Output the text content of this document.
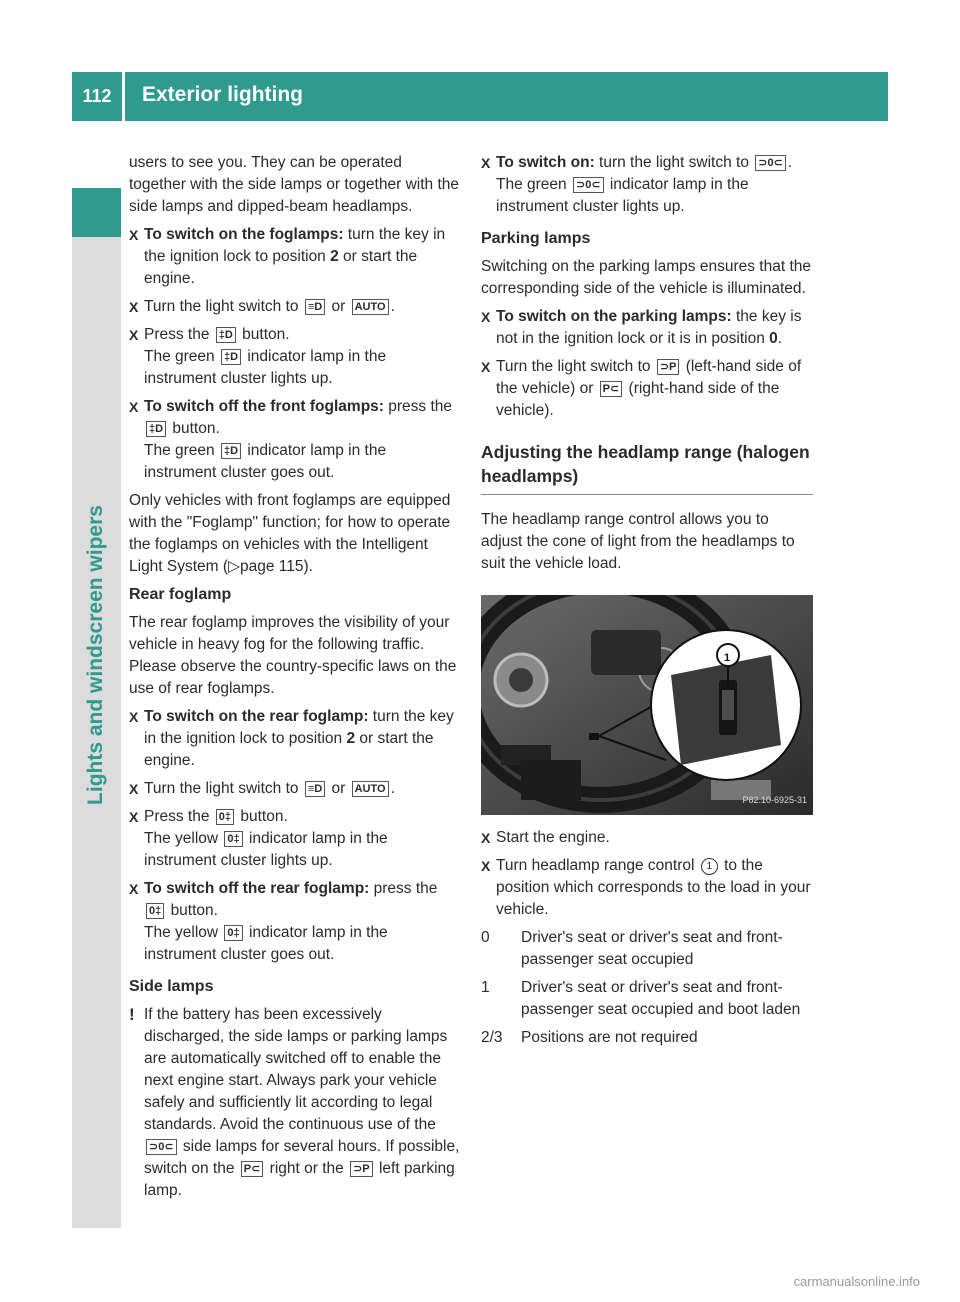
112	Exterior lighting
Lights and windscreen wipers

users to see you. They can be operated together with the side lamps or together with the side lamps and dipped-beam headlamps.

X
To switch on the foglamps: turn the key in the ignition lock to position 2 or start the engine.
X
Turn the light switch to ≡D or AUTO .
X
Press the ‡D button.
The green ‡D indicator lamp in the instrument cluster lights up.
X
To switch off the front foglamps: press the ‡D button.
The green ‡D indicator lamp in the instrument cluster goes out.

Only vehicles with front foglamps are equipped with the "Foglamp" function; for how to operate the foglamps on vehicles with the Intelligent Light System (▷page 115).

Rear foglamp

The rear foglamp improves the visibility of your vehicle in heavy fog for the following traffic. Please observe the country-specific laws on the use of rear foglamps.

X
To switch on the rear foglamp: turn the key in the ignition lock to position 2 or start the engine.
X
Turn the light switch to ≡D or AUTO .
X
Press the 0‡ button.
The yellow 0‡ indicator lamp in the instrument cluster lights up.
X
To switch off the rear foglamp: press the
0‡ button.
The yellow 0‡ indicator lamp in the instrument cluster goes out.
Side lamps
! If the battery has been excessively discharged, the side lamps or parking lamps are automatically switched off to enable the next engine start. Always park your vehicle safely and sufficiently lit according to legal standards. Avoid the continuous use of the ⊃0⊂ side lamps for several hours. If possible, switch on the P⊂ right or the ⊃P left parking lamp.
X
To switch on: turn the light switch to ⊃0⊂ .
The green ⊃0⊂ indicator lamp in the instrument cluster lights up.
Parking lamps

Switching on the parking lamps ensures that the corresponding side of the vehicle is illuminated.

X
To switch on the parking lamps: the key is not in the ignition lock or it is in position 0.
X
Turn the light switch to ⊃P (left-hand side of the vehicle) or P⊂ (right-hand side of the vehicle).
Adjusting the headlamp range (halogen headlamps)

The headlamp range control allows you to adjust the cone of light from the headlamps to suit the vehicle load.

1
P82.10-6925-31
X
Start the engine.
X
Turn headlamp range control 1 to the position which corresponds to the load in your vehicle.
0 Driver's seat or driver's seat and front-passenger seat occupied
1 Driver's seat or driver's seat and front-passenger seat occupied and boot laden
2/3 Positions are not required
carmanualsonline.info
